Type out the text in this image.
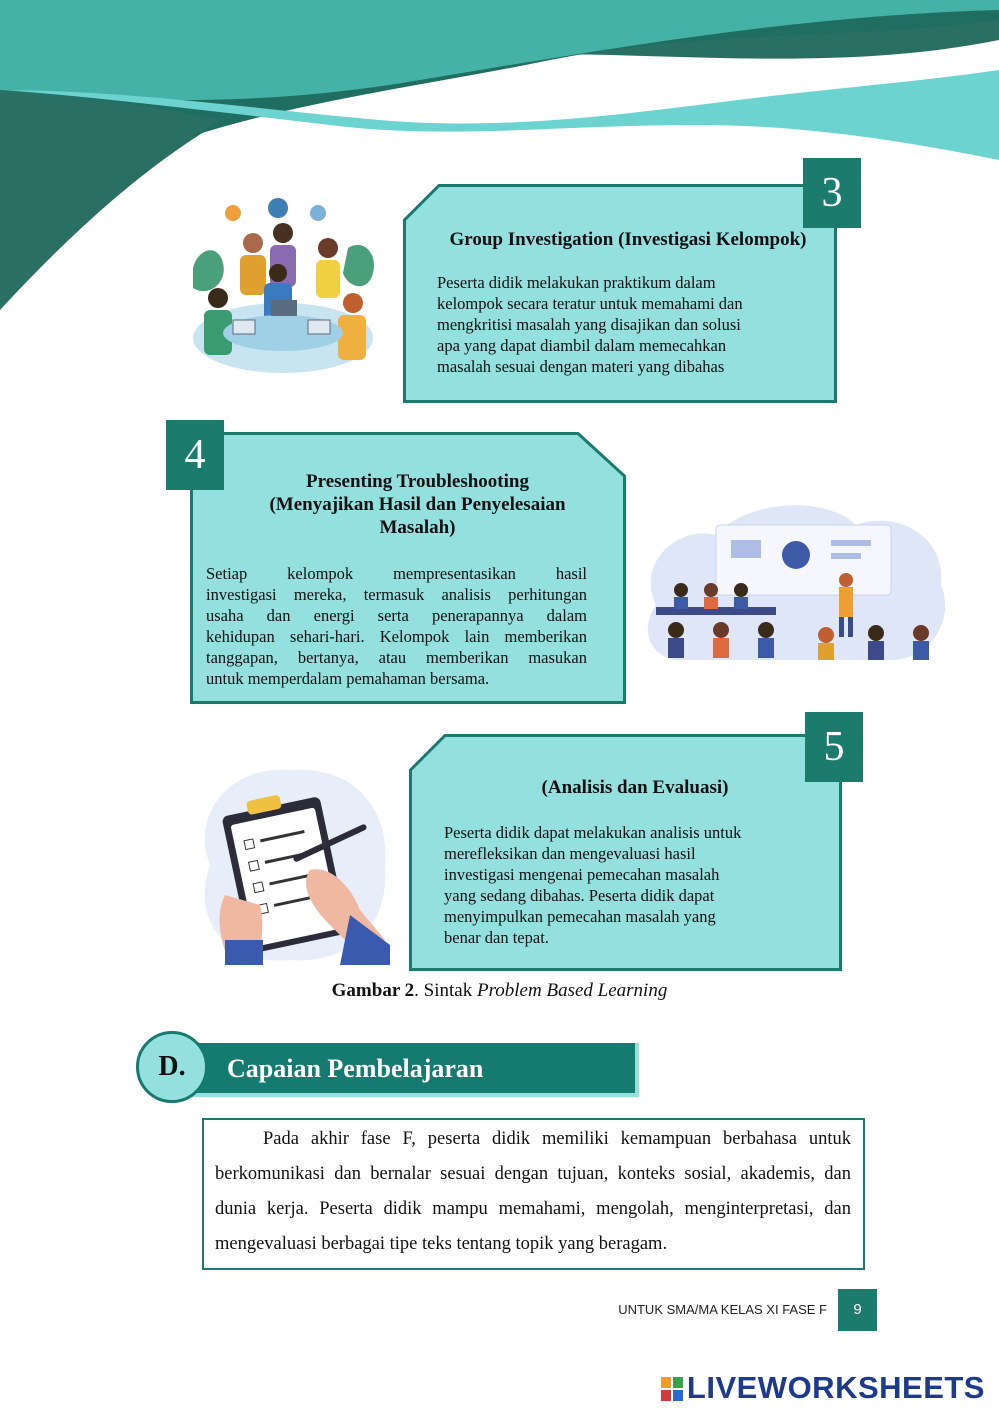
3
Group Investigation (Investigasi Kelompok)
Peserta didik melakukan praktikum dalam
kelompok secara teratur untuk memahami dan
mengkritisi masalah yang disajikan dan solusi
apa yang dapat diambil dalam memecahkan
masalah sesuai dengan materi yang dibahas
4
Presenting Troubleshooting
(Menyajikan Hasil dan Penyelesaian
Masalah)
Setiap kelompok mempresentasikan hasil
investigasi mereka, termasuk analisis perhitungan
usaha dan energi serta penerapannya dalam
kehidupan sehari-hari. Kelompok lain memberikan
tanggapan, bertanya, atau memberikan masukan
untuk memperdalam pemahaman bersama.
5
(Analisis dan Evaluasi)
Peserta didik dapat melakukan analisis untuk
merefleksikan dan mengevaluasi hasil
investigasi mengenai pemecahan masalah
yang sedang dibahas. Peserta didik dapat
menyimpulkan pemecahan masalah yang
benar dan tepat.
Gambar 2. Sintak Problem Based Learning
D.	Capaian Pembelajaran
Pada akhir fase F, peserta didik memiliki kemampuan berbahasa untuk berkomunikasi dan bernalar sesuai dengan tujuan, konteks sosial, akademis, dan dunia kerja. Peserta didik mampu memahami, mengolah, menginterpretasi, dan mengevaluasi berbagai tipe teks tentang topik yang beragam.
UNTUK SMA/MA KELAS XI FASE F	9
LIVEWORKSHEETS
